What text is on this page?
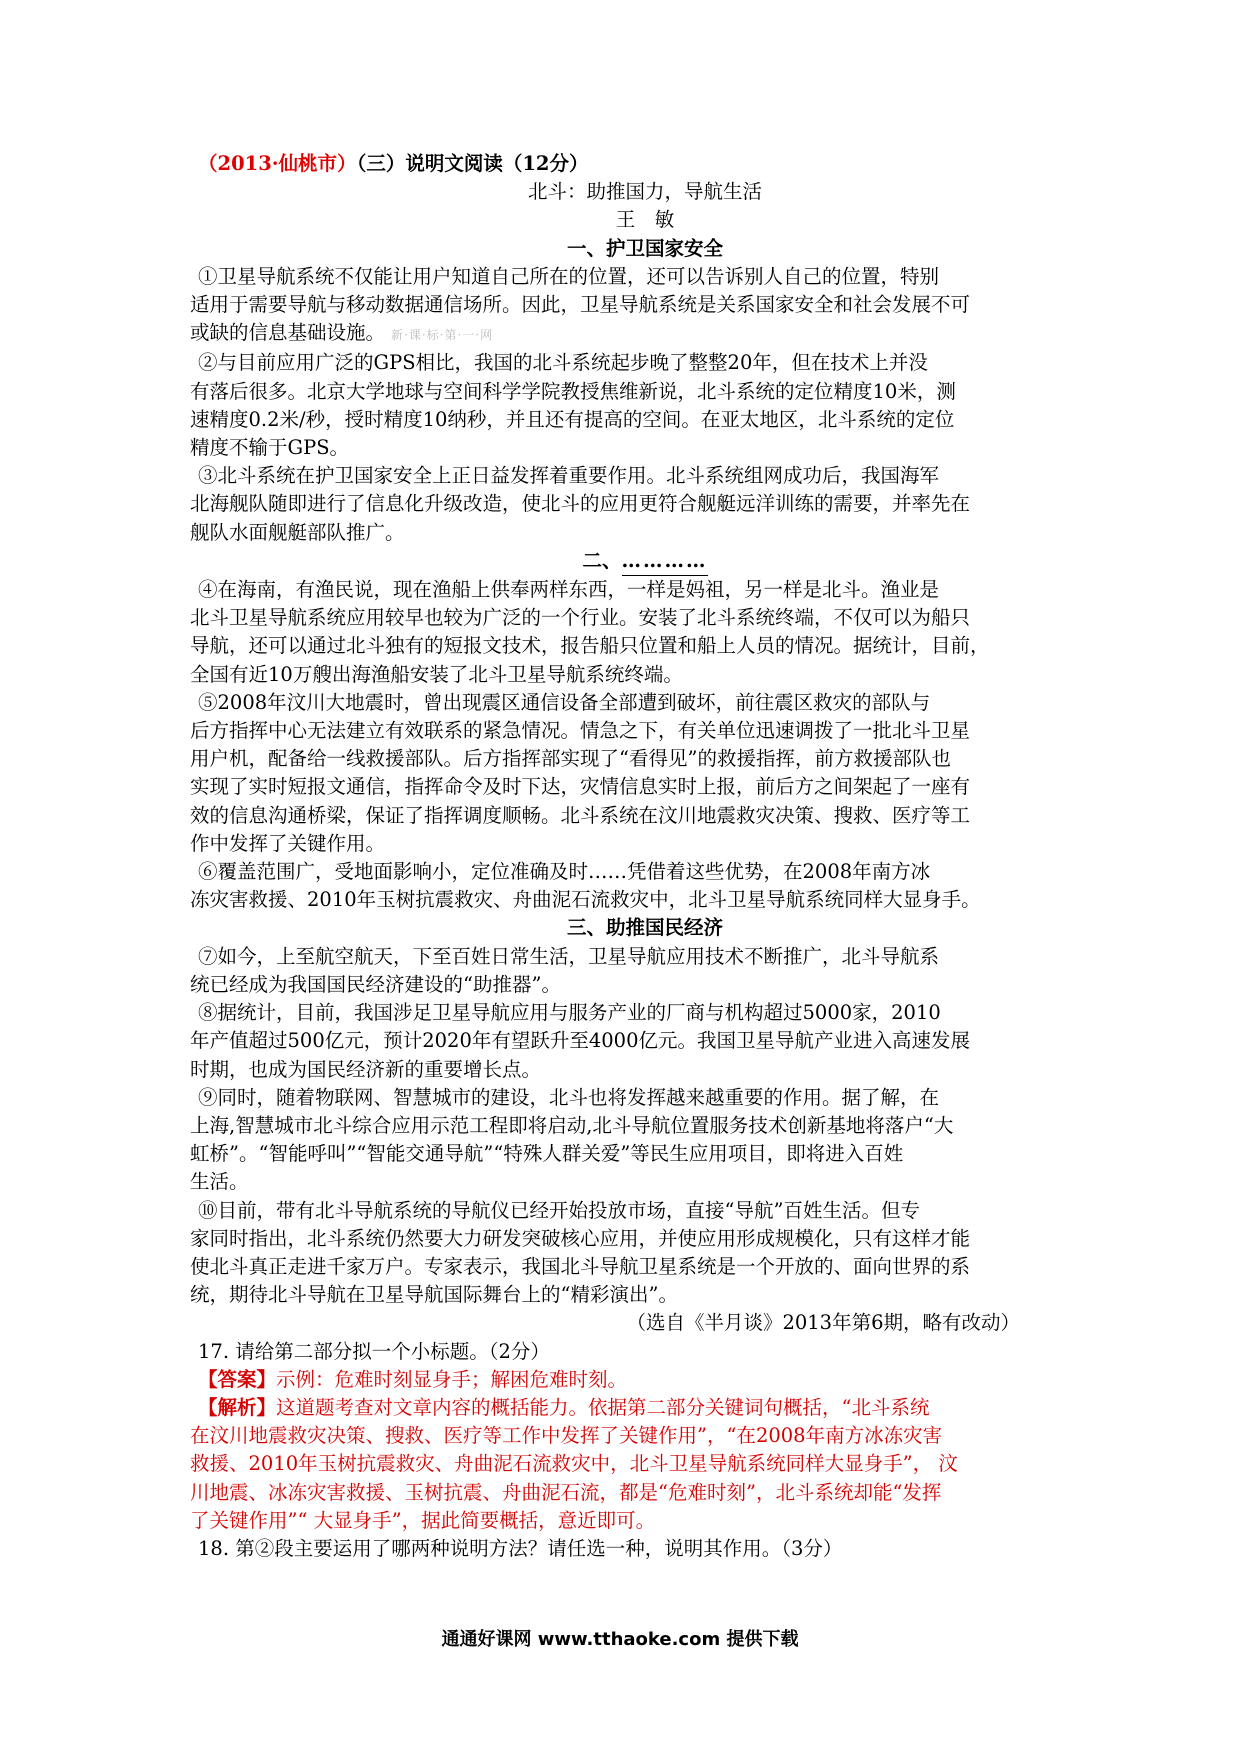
（2013·仙桃市）（三）说明文阅读（12分）
北斗：助推国力，导航生活
王　敏
一、护卫国家安全
①卫星导航系统不仅能让用户知道自己所在的位置，还可以告诉别人自己的位置，特别
适用于需要导航与移动数据通信场所。因此，卫星导航系统是关系国家安全和社会发展不可
或缺的信息基础设施。 新·课·标·第·一·网
②与目前应用广泛的GPS相比，我国的北斗系统起步晚了整整20年，但在技术上并没
有落后很多。北京大学地球与空间科学学院教授焦维新说，北斗系统的定位精度10米，测
速精度0.2米/秒，授时精度10纳秒，并且还有提高的空间。在亚太地区，北斗系统的定位
精度不输于GPS。
③北斗系统在护卫国家安全上正日益发挥着重要作用。北斗系统组网成功后，我国海军
北海舰队随即进行了信息化升级改造，使北斗的应用更符合舰艇远洋训练的需要，并率先在
舰队水面舰艇部队推广。
二、…………
④在海南，有渔民说，现在渔船上供奉两样东西，一样是妈祖，另一样是北斗。渔业是
北斗卫星导航系统应用较早也较为广泛的一个行业。安装了北斗系统终端，不仅可以为船只
导航，还可以通过北斗独有的短报文技术，报告船只位置和船上人员的情况。据统计，目前，
全国有近10万艘出海渔船安装了北斗卫星导航系统终端。
⑤2008年汶川大地震时，曾出现震区通信设备全部遭到破坏，前往震区救灾的部队与
后方指挥中心无法建立有效联系的紧急情况。情急之下，有关单位迅速调拨了一批北斗卫星
用户机，配备给一线救援部队。后方指挥部实现了“看得见”的救援指挥，前方救援部队也
实现了实时短报文通信，指挥命令及时下达，灾情信息实时上报，前后方之间架起了一座有
效的信息沟通桥梁，保证了指挥调度顺畅。北斗系统在汶川地震救灾决策、搜救、医疗等工
作中发挥了关键作用。
⑥覆盖范围广，受地面影响小，定位准确及时……凭借着这些优势，在2008年南方冰
冻灾害救援、2010年玉树抗震救灾、舟曲泥石流救灾中，北斗卫星导航系统同样大显身手。
三、助推国民经济
⑦如今，上至航空航天，下至百姓日常生活，卫星导航应用技术不断推广，北斗导航系
统已经成为我国国民经济建设的“助推器”。
⑧据统计，目前，我国涉足卫星导航应用与服务产业的厂商与机构超过5000家，2010
年产值超过500亿元，预计2020年有望跃升至4000亿元。我国卫星导航产业进入高速发展
时期，也成为国民经济新的重要增长点。
⑨同时，随着物联网、智慧城市的建设，北斗也将发挥越来越重要的作用。据了解，在
上海,智慧城市北斗综合应用示范工程即将启动,北斗导航位置服务技术创新基地将落户“大
虹桥”。“智能呼叫”“智能交通导航”“特殊人群关爱”等民生应用项目，即将进入百姓
生活。
⑩目前，带有北斗导航系统的导航仪已经开始投放市场，直接“导航”百姓生活。但专
家同时指出，北斗系统仍然要大力研发突破核心应用，并使应用形成规模化，只有这样才能
使北斗真正走进千家万户。专家表示，我国北斗导航卫星系统是一个开放的、面向世界的系
统，期待北斗导航在卫星导航国际舞台上的“精彩演出”。
（选自《半月谈》2013年第6期，略有改动）
17. 请给第二部分拟一个小标题。（2分）
【答案】示例：危难时刻显身手；解困危难时刻。
【解析】这道题考查对文章内容的概括能力。依据第二部分关键词句概括，“北斗系统
在汶川地震救灾决策、搜救、医疗等工作中发挥了关键作用”，“在2008年南方冰冻灾害
救援、2010年玉树抗震救灾、舟曲泥石流救灾中，北斗卫星导航系统同样大显身手”， 汶
川地震、冰冻灾害救援、玉树抗震、舟曲泥石流，都是“危难时刻”，北斗系统却能“发挥
了关键作用”“ 大显身手”，据此简要概括，意近即可。
18. 第②段主要运用了哪两种说明方法？请任选一种，说明其作用。（3分）
通通好课网 www.tthaoke.com 提供下载
